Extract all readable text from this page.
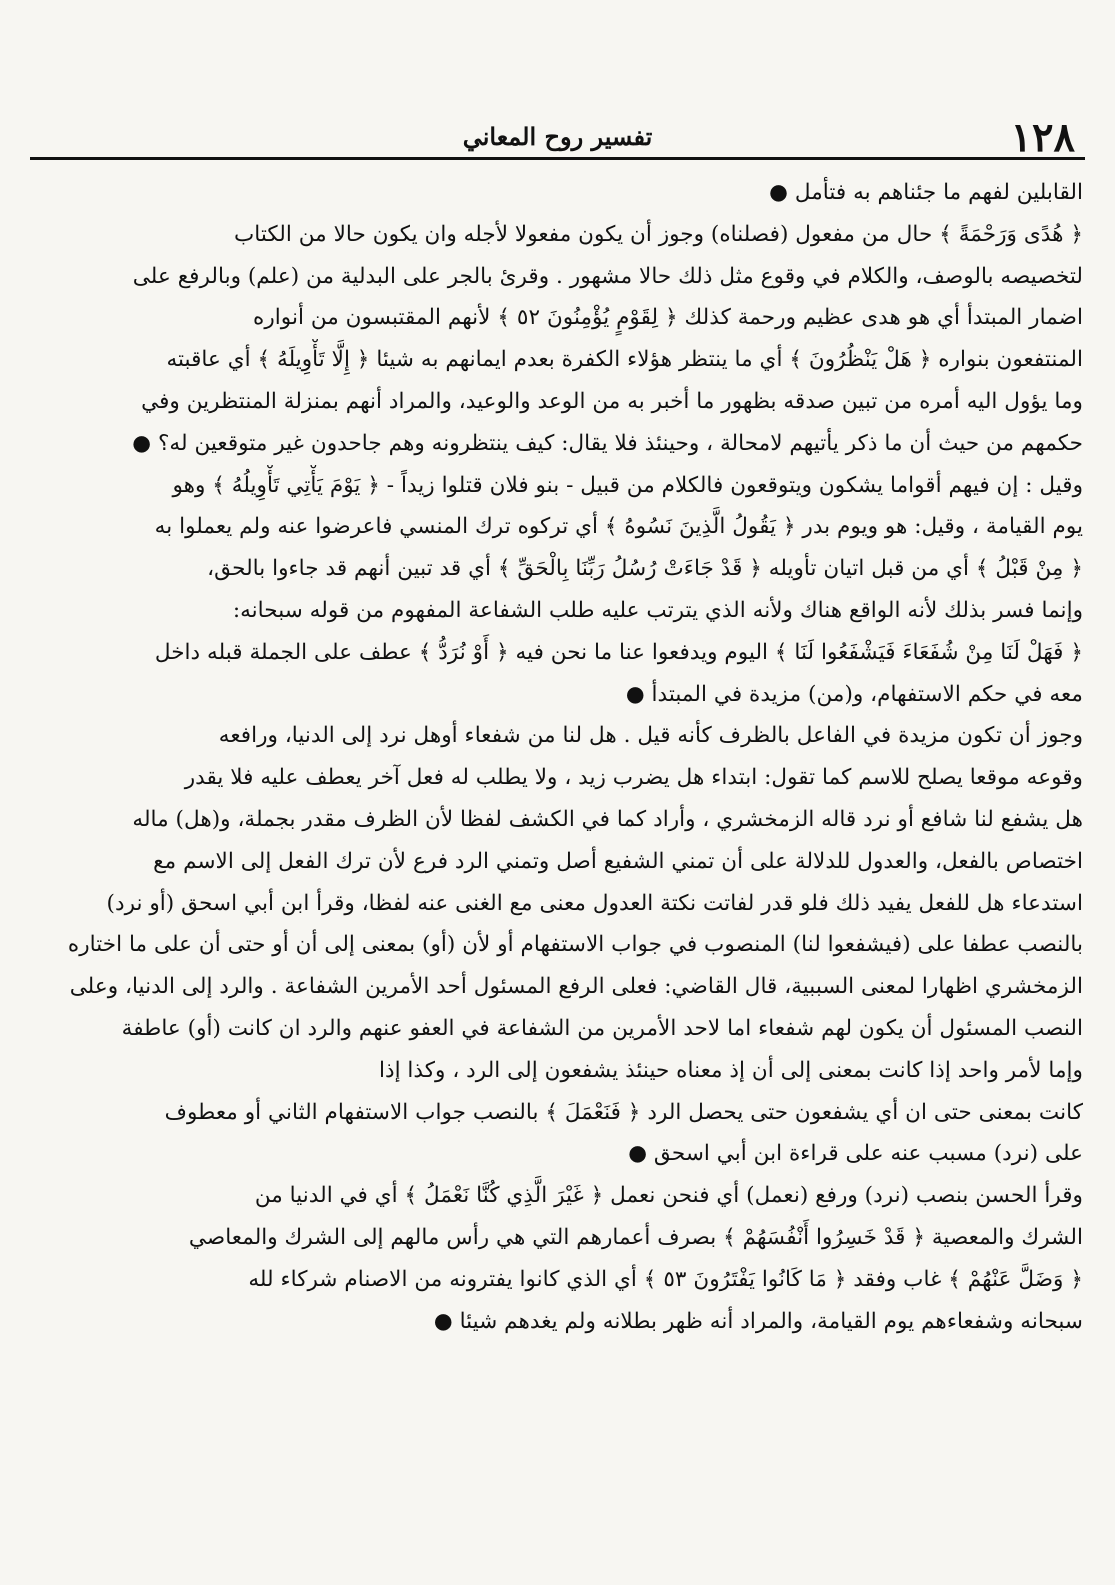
١٢٨
تفسير روح المعاني
القابلين لفهم ما جئناهم به فتأمل ●
﴿ هُدًى وَرَحْمَةً ﴾ حال من مفعول (فصلناه) وجوز أن يكون مفعولا لأجله وان يكون حالا من الكتاب
لتخصيصه بالوصف، والكلام في وقوع مثل ذلك حالا مشهور . وقرئ بالجر على البدلية من (علم) وبالرفع على
اضمار المبتدأ أي هو هدى عظيم ورحمة كذلك ﴿ لِقَوْمٍ يُؤْمِنُونَ ٥٢ ﴾ لأنهم المقتبسون من أنواره
المنتفعون بنواره ﴿ هَلْ يَنْظُرُونَ ﴾ أي ما ينتظر هؤلاء الكفرة بعدم ايمانهم به شيئا ﴿ إِلَّا تَأْوِيلَهُ ﴾ أي عاقبته
وما يؤول اليه أمره من تبين صدقه بظهور ما أخبر به من الوعد والوعيد، والمراد أنهم بمنزلة المنتظرين وفي
حكمهم من حيث أن ما ذكر يأتيهم لامحالة ، وحينئذ فلا يقال: كيف ينتظرونه وهم جاحدون غير متوقعين له؟ ●
وقيل : إن فيهم أقواما يشكون ويتوقعون فالكلام من قبيل - بنو فلان قتلوا زيداً - ﴿ يَوْمَ يَأْتِي تَأْوِيلُهُ ﴾ وهو
يوم القيامة ، وقيل: هو ويوم بدر ﴿ يَقُولُ الَّذِينَ نَسُوهُ ﴾ أي تركوه ترك المنسي فاعرضوا عنه ولم يعملوا به
﴿ مِنْ قَبْلُ ﴾ أي من قبل اتيان تأويله ﴿ قَدْ جَاءَتْ رُسُلُ رَبِّنَا بِالْحَقِّ ﴾ أي قد تبين أنهم قد جاءوا بالحق،
وإنما فسر بذلك لأنه الواقع هناك ولأنه الذي يترتب عليه طلب الشفاعة المفهوم من قوله سبحانه:
﴿ فَهَلْ لَنَا مِنْ شُفَعَاءَ فَيَشْفَعُوا لَنَا ﴾ اليوم ويدفعوا عنا ما نحن فيه ﴿ أَوْ نُرَدُّ ﴾ عطف على الجملة قبله داخل
معه في حكم الاستفهام، و(من) مزيدة في المبتدأ ●
وجوز أن تكون مزيدة في الفاعل بالظرف كأنه قيل . هل لنا من شفعاء أوهل نرد إلى الدنيا، ورافعه
وقوعه موقعا يصلح للاسم كما تقول: ابتداء هل يضرب زيد ، ولا يطلب له فعل آخر يعطف عليه فلا يقدر
هل يشفع لنا شافع أو نرد قاله الزمخشري ، وأراد كما في الكشف لفظا لأن الظرف مقدر بجملة، و(هل) ماله
اختصاص بالفعل، والعدول للدلالة على أن تمني الشفيع أصل وتمني الرد فرع لأن ترك الفعل إلى الاسم مع
استدعاء هل للفعل يفيد ذلك فلو قدر لفاتت نكتة العدول معنى مع الغنى عنه لفظا، وقرأ ابن أبي اسحق (أو نرد)
بالنصب عطفا على (فيشفعوا لنا) المنصوب في جواب الاستفهام أو لأن (أو) بمعنى إلى أن أو حتى أن على ما اختاره
الزمخشري اظهارا لمعنى السببية، قال القاضي: فعلى الرفع المسئول أحد الأمرين الشفاعة . والرد إلى الدنيا، وعلى
النصب المسئول أن يكون لهم شفعاء اما لاحد الأمرين من الشفاعة في العفو عنهم والرد ان كانت (أو) عاطفة
وإما لأمر واحد إذا كانت بمعنى إلى أن إذ معناه حينئذ يشفعون إلى الرد ، وكذا إذا
كانت بمعنى حتى ان أي يشفعون حتى يحصل الرد ﴿ فَنَعْمَلَ ﴾ بالنصب جواب الاستفهام الثاني أو معطوف
على (نرد) مسبب عنه على قراءة ابن أبي اسحق ●
وقرأ الحسن بنصب (نرد) ورفع (نعمل) أي فنحن نعمل ﴿ غَيْرَ الَّذِي كُنَّا نَعْمَلُ ﴾ أي في الدنيا من
الشرك والمعصية ﴿ قَدْ خَسِرُوا أَنْفُسَهُمْ ﴾ بصرف أعمارهم التي هي رأس مالهم إلى الشرك والمعاصي
﴿ وَضَلَّ عَنْهُمْ ﴾ غاب وفقد ﴿ مَا كَانُوا يَفْتَرُونَ ٥٣ ﴾ أي الذي كانوا يفترونه من الاصنام شركاء لله
سبحانه وشفعاءهم يوم القيامة، والمراد أنه ظهر بطلانه ولم يغدهم شيئا ●
